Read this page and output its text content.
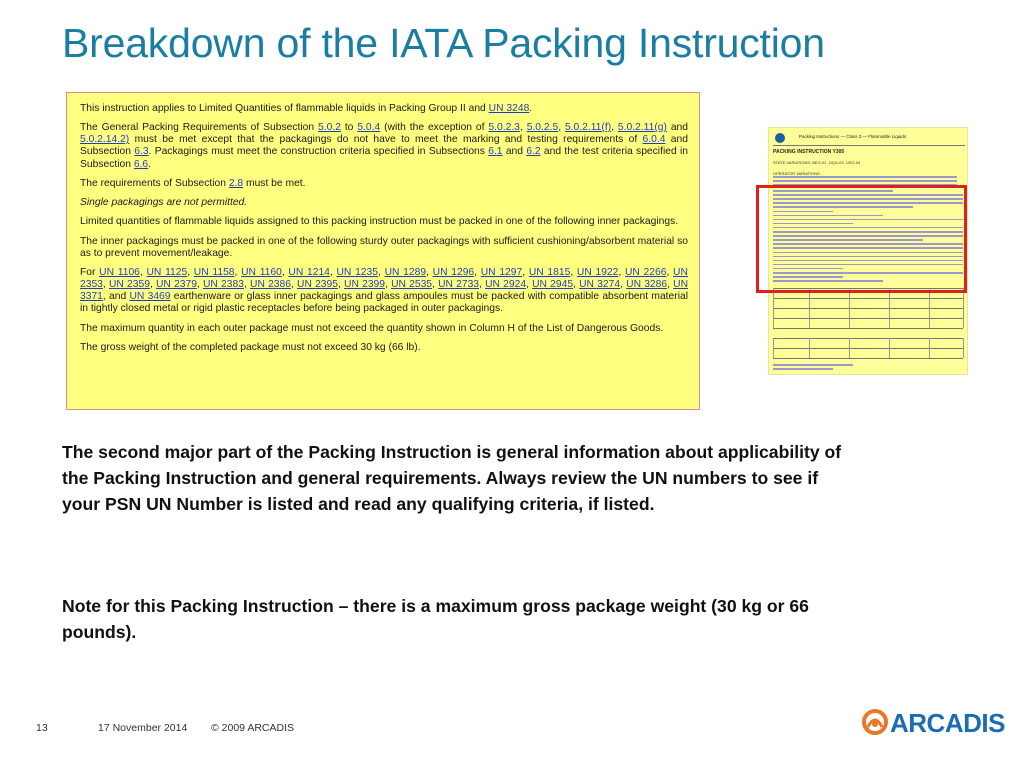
Breakdown of the IATA Packing Instruction

This instruction applies to Limited Quantities of flammable liquids in Packing Group II and UN 3248.

The General Packing Requirements of Subsection 5.0.2 to 5.0.4 (with the exception of 5.0.2.3, 5.0.2.5, 5.0.2.11(f), 5.0.2.11(g) and 5.0.2.14.2) must be met except that the packagings do not have to meet the marking and testing requirements of 6.0.4 and Subsection 6.3. Packagings must meet the construction criteria specified in Subsections 6.1 and 6.2 and the test criteria specified in Subsection 6.6.

The requirements of Subsection 2.8 must be met.

Single packagings are not permitted.

Limited quantities of flammable liquids assigned to this packing instruction must be packed in one of the following inner packagings.

The inner packagings must be packed in one of the following sturdy outer packagings with sufficient cushioning/absorbent material so as to prevent movement/leakage.

For UN 1106, UN 1125, UN 1158, UN 1160, UN 1214, UN 1235, UN 1289, UN 1296, UN 1297, UN 1815, UN 1922, UN 2266, UN 2353, UN 2359, UN 2379, UN 2383, UN 2386, UN 2395, UN 2399, UN 2535, UN 2733, UN 2924, UN 2945, UN 3274, UN 3286, UN 3371, and UN 3469 earthenware or glass inner packagings and glass ampoules must be packed with compatible absorbent material in tightly closed metal or rigid plastic receptacles before being packaged in outer packagings.

The maximum quantity in each outer package must not exceed the quantity shown in Column H of the List of Dangerous Goods.

The gross weight of the completed package must not exceed 30 kg (66 lb).

Packing Instructions — Class 3 — Flammable Liquids
PACKING INSTRUCTION Y305
STATE VARIATIONS: BEG-02, DQG-03, USG-04
OPERATOR VARIATIONS
The second major part of the Packing Instruction is general information about applicability of the Packing Instruction and general requirements. Always review the UN numbers to see if your PSN UN Number is listed and read any qualifying criteria, if listed.
Note for this Packing Instruction – there is a maximum gross package weight (30 kg or 66 pounds).
13	17 November 2014 © 2009 ARCADIS	ARCADIS
